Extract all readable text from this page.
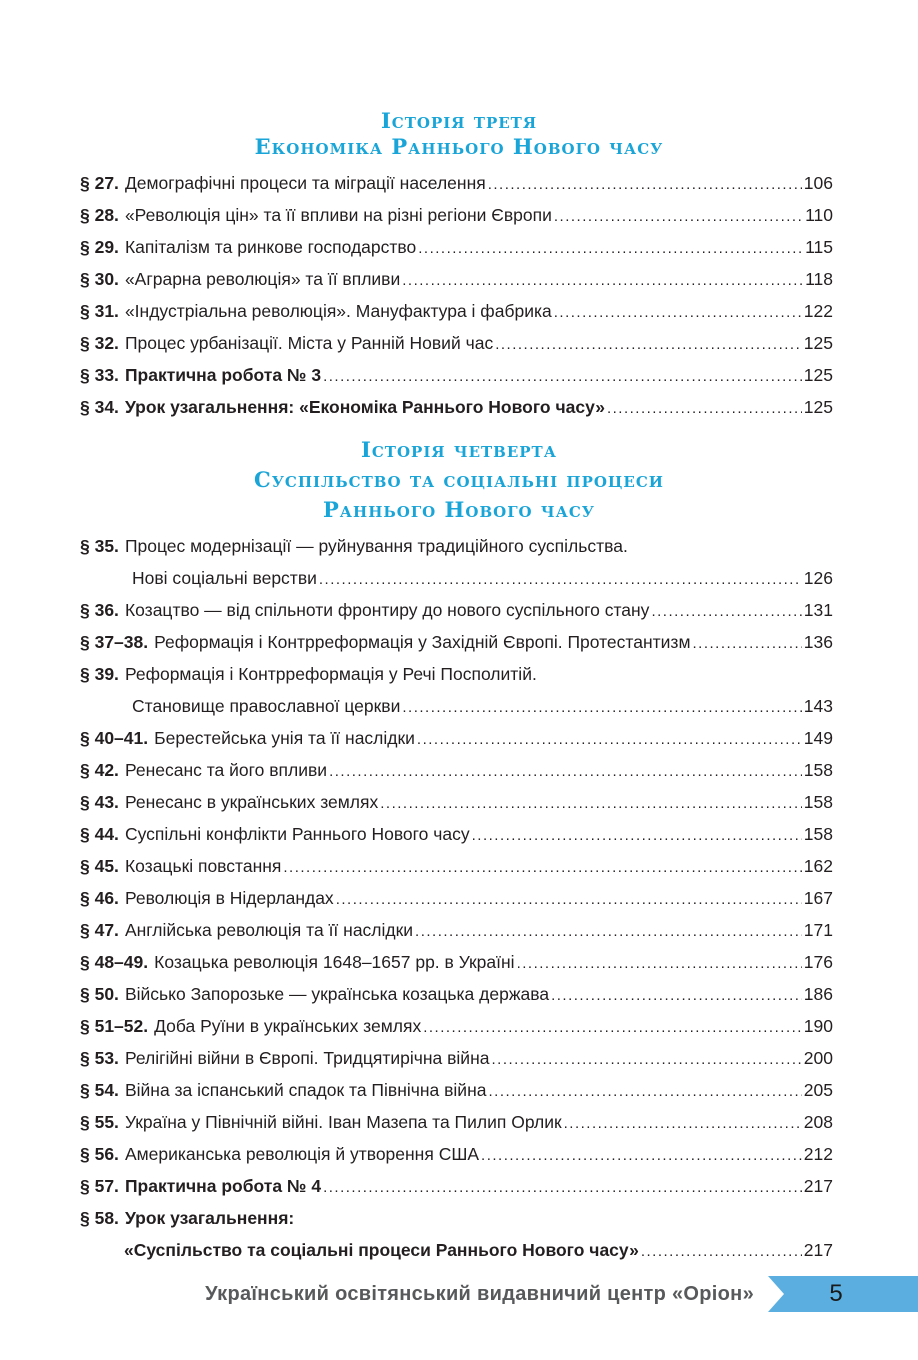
Історія третя
Економіка Раннього Нового часу
§ 27. Демографічні процеси та міграції населення .....	106
§ 28. «Революція цін» та її впливи на різні регіони Європи .....	110
§ 29. Капіталізм та ринкове господарство .....	115
§ 30. «Аграрна революція» та її впливи .....	118
§ 31. «Індустріальна революція». Мануфактура і фабрика .....	122
§ 32. Процес урбанізації. Міста у Ранній Новий час .....	125
§ 33. Практична робота № 3 .....	125
§ 34. Урок узагальнення: «Економіка Раннього Нового часу» .....	125
Історія четверта
Суспільство та соціальні процеси
Раннього Нового часу
§ 35. Процес модернізації — руйнування традиційного суспільства.
Нові соціальні верстви .....	126
§ 36. Козацтво — від спільноти фронтиру до нового суспільного стану .....	131
§ 37–38. Реформація і Контрреформація у Західній Європі. Протестантизм .....	136
§ 39. Реформація і Контрреформація у Речі Посполитій.
Становище православної церкви .....	143
§ 40–41. Берестейська унія та її наслідки .....	149
§ 42. Ренесанс та його впливи .....	158
§ 43. Ренесанс в українських землях .....	158
§ 44. Суспільні конфлікти Раннього Нового часу .....	158
§ 45. Козацькі повстання .....	162
§ 46. Революція в Нідерландах .....	167
§ 47. Англійська революція та її наслідки .....	171
§ 48–49. Козацька революція 1648–1657 рр. в Україні .....	176
§ 50. Військо Запорозьке — українська козацька держава .....	186
§ 51–52. Доба Руїни в українських землях .....	190
§ 53. Релігійні війни в Європі. Тридцятирічна війна .....	200
§ 54. Війна за іспанський спадок та Північна війна .....	205
§ 55. Україна у Північній війні. Іван Мазепа та Пилип Орлик .....	208
§ 56. Американська революція й утворення США .....	212
§ 57. Практична робота № 4 .....	217
§ 58. Урок узагальнення:
«Суспільство та соціальні процеси Раннього Нового часу» .....	217
Український освітянський видавничий центр «Оріон»	5
